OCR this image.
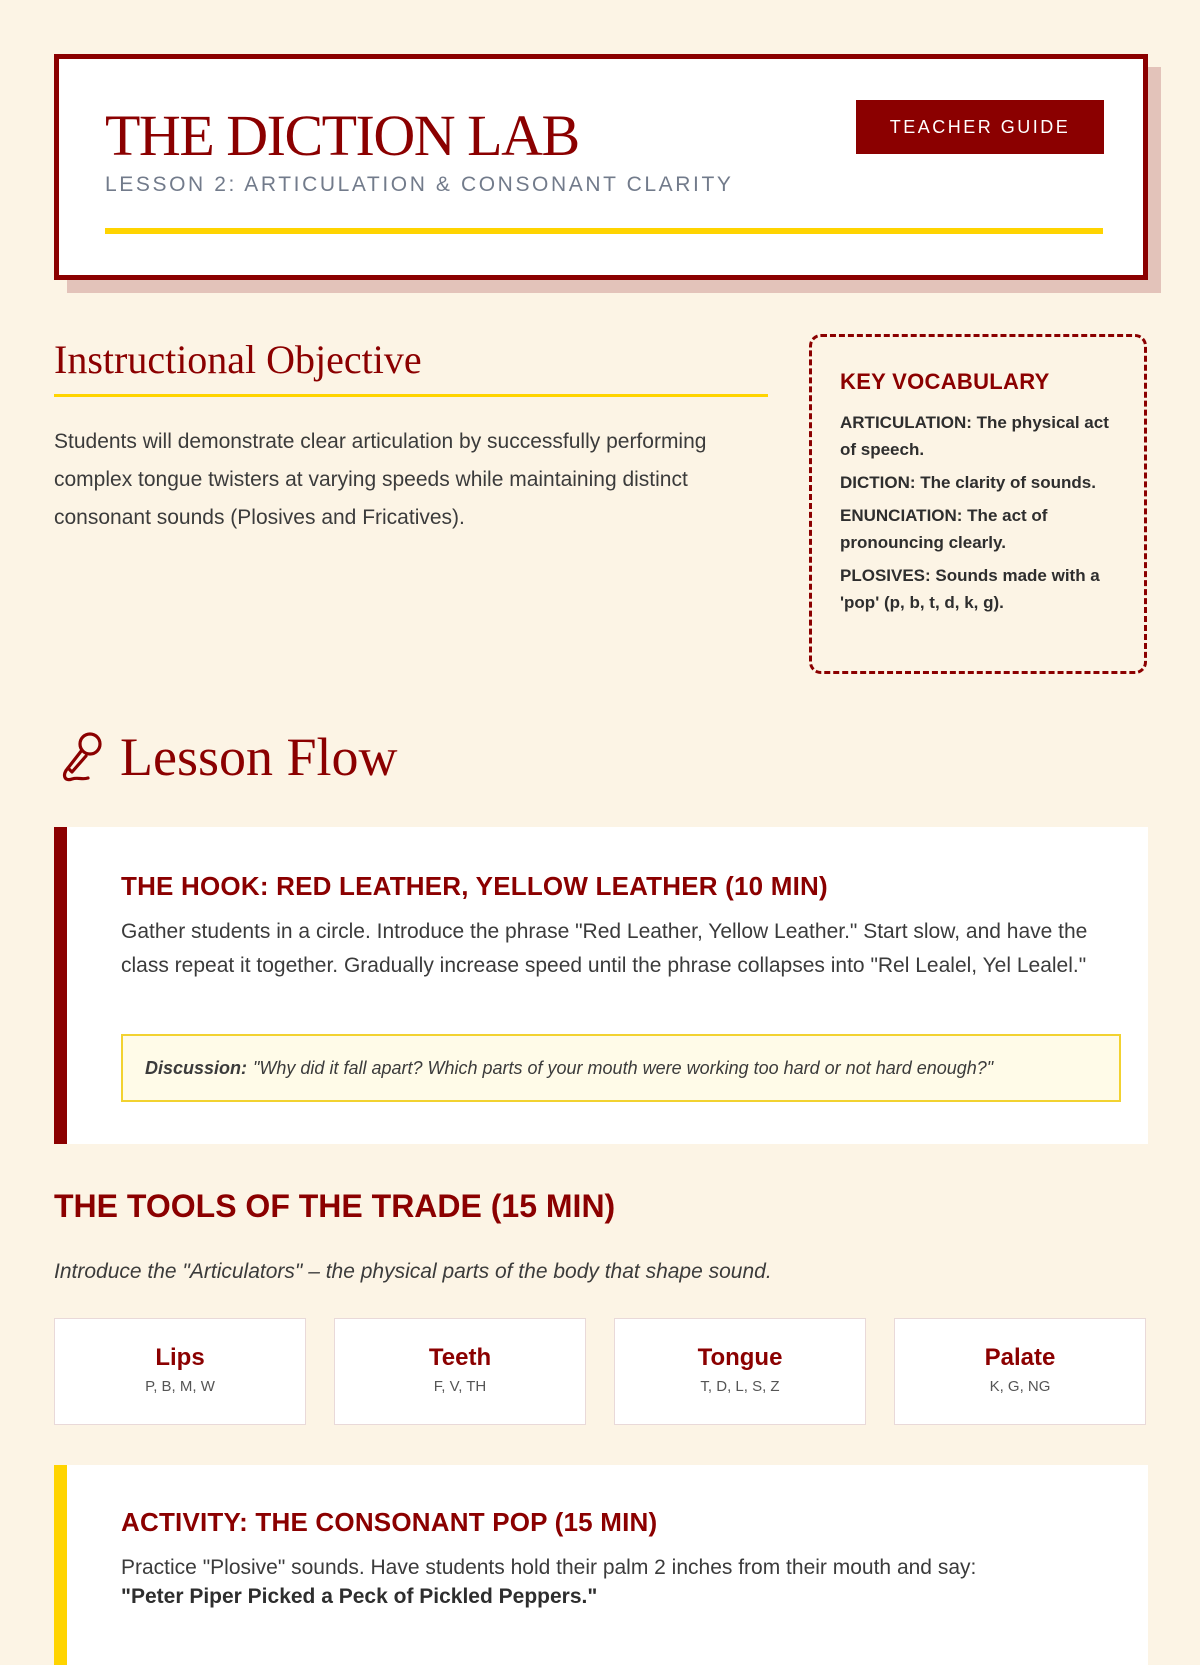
THE DICTION LAB
LESSON 2: ARTICULATION & CONSONANT CLARITY
TEACHER GUIDE
Instructional Objective
Students will demonstrate clear articulation by successfully performing complex tongue twisters at varying speeds while maintaining distinct consonant sounds (Plosives and Fricatives).
KEY VOCABULARY
ARTICULATION: The physical act of speech.
DICTION: The clarity of sounds.
ENUNCIATION: The act of pronouncing clearly.
PLOSIVES: Sounds made with a 'pop' (p, b, t, d, k, g).
Lesson Flow
THE HOOK: RED LEATHER, YELLOW LEATHER (10 MIN)
Gather students in a circle. Introduce the phrase "Red Leather, Yellow Leather." Start slow, and have the class repeat it together. Gradually increase speed until the phrase collapses into "Rel Lealel, Yel Lealel."
Discussion: "Why did it fall apart? Which parts of your mouth were working too hard or not hard enough?"
THE TOOLS OF THE TRADE (15 MIN)
Introduce the "Articulators" – the physical parts of the body that shape sound.
Lips
P, B, M, W
Teeth
F, V, TH
Tongue
T, D, L, S, Z
Palate
K, G, NG
ACTIVITY: THE CONSONANT POP (15 MIN)
Practice "Plosive" sounds. Have students hold their palm 2 inches from their mouth and say:
"Peter Piper Picked a Peck of Pickled Peppers."
